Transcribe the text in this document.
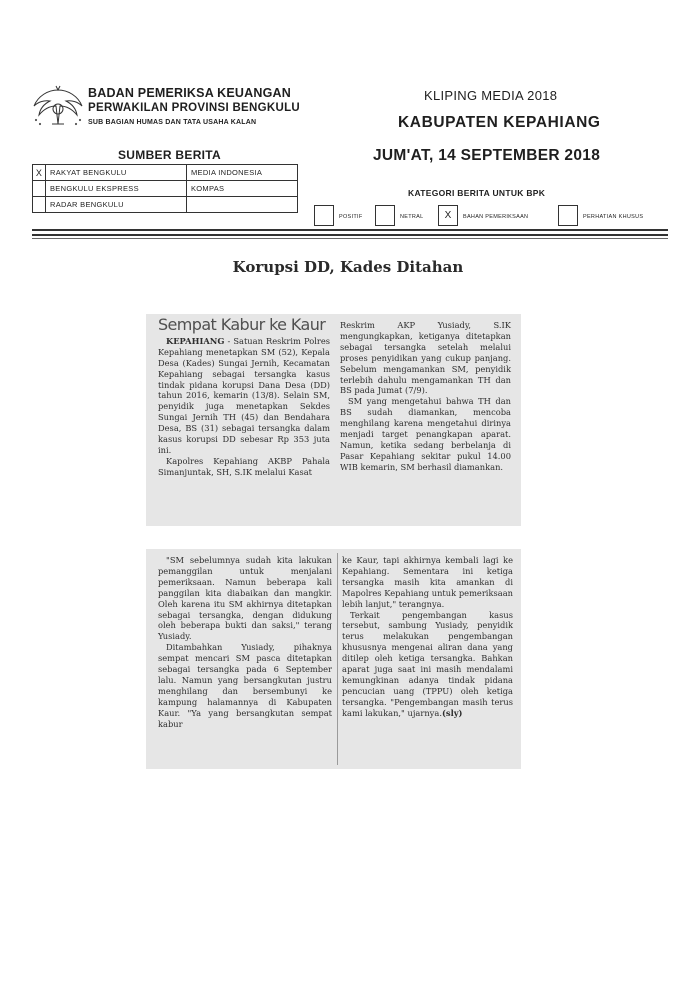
BADAN PEMERIKSA KEUANGAN
PERWAKILAN PROVINSI BENGKULU
SUB BAGIAN HUMAS DAN TATA USAHA KALAN
KLIPING MEDIA 2018
KABUPATEN KEPAHIANG
JUM'AT, 14 SEPTEMBER 2018
SUMBER BERITA
X	RAKYAT BENGKULU	MEDIA INDONESIA
	BENGKULU EKSPRESS	KOMPAS
	RADAR BENGKULU	
KATEGORI BERITA UNTUK BPK
POSITIF	NETRAL	X	BAHAN PEMERIKSAAN	PERHATIAN KHUSUS
Korupsi DD, Kades Ditahan
Sempat Kabur ke Kaur

KEPAHIANG - Satuan Reskrim Polres Kepahiang menetapkan SM (52), Kepala Desa (Kades) Sungai Jernih, Kecamatan Kepahiang sebagai tersangka kasus tindak pidana korupsi Dana Desa (DD) tahun 2016, kemarin (13/8). Selain SM, penyidik juga menetapkan Sekdes Sungai Jernih TH (45) dan Bendahara Desa, BS (31) sebagai tersangka dalam kasus korupsi DD sebesar Rp 353 juta ini.

Kapolres Kepahiang AKBP Pahala Simanjuntak, SH, S.IK melalui Kasat

Reskrim AKP Yusiady, S.IK mengungkapkan, ketiganya ditetapkan sebagai tersangka setelah melalui proses penyidikan yang cukup panjang. Sebelum mengamankan SM, penyidik terlebih dahulu mengamankan TH dan BS pada Jumat (7/9).

SM yang mengetahui bahwa TH dan BS sudah diamankan, mencoba menghilang karena mengetahui dirinya menjadi target penangkapan aparat. Namun, ketika sedang berbelanja di Pasar Kepahiang sekitar pukul 14.00 WIB kemarin, SM berhasil diamankan.

"SM sebelumnya sudah kita lakukan pemanggilan untuk menjalani pemeriksaan. Namun beberapa kali panggilan kita diabaikan dan mangkir. Oleh karena itu SM akhirnya ditetapkan sebagai tersangka, dengan didukung oleh beberapa bukti dan saksi," terang Yusiady.

Ditambahkan Yusiady, pihaknya sempat mencari SM pasca ditetapkan sebagai tersangka pada 6 September lalu. Namun yang bersangkutan justru menghilang dan bersembunyi ke kampung halamannya di Kabupaten Kaur. "Ya yang bersangkutan sempat kabur

ke Kaur, tapi akhirnya kembali lagi ke Kepahiang. Sementara ini ketiga tersangka masih kita amankan di Mapolres Kepahiang untuk pemeriksaan lebih lanjut," terangnya.

Terkait pengembangan kasus tersebut, sambung Yusiady, penyidik terus melakukan pengembangan khususnya mengenai aliran dana yang ditilep oleh ketiga tersangka. Bahkan aparat juga saat ini masih mendalami kemungkinan adanya tindak pidana pencucian uang (TPPU) oleh ketiga tersangka. "Pengembangan masih terus kami lakukan," ujarnya.(sly)
